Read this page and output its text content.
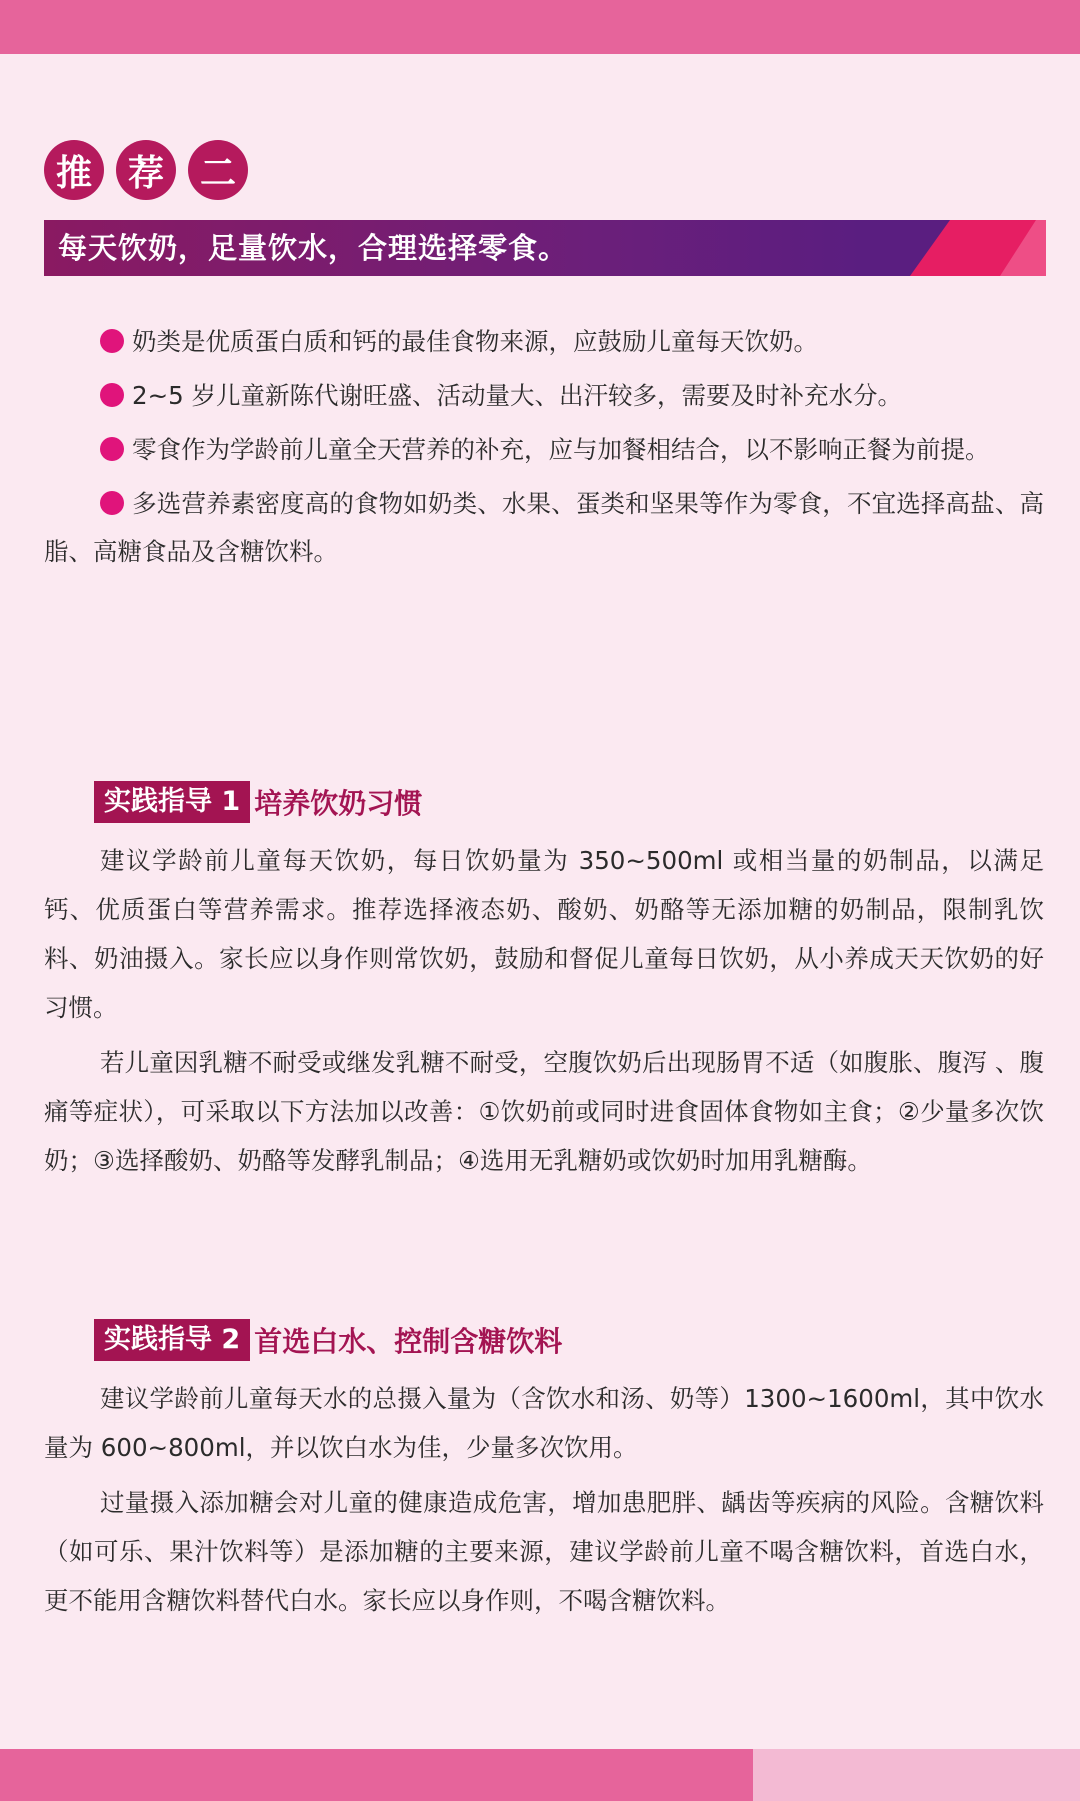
推 荐 二
每天饮奶，足量饮水，合理选择零食。

奶类是优质蛋白质和钙的最佳食物来源，应鼓励儿童每天饮奶。

2~5 岁儿童新陈代谢旺盛、活动量大、出汗较多，需要及时补充水分。

零食作为学龄前儿童全天营养的补充，应与加餐相结合，以不影响正餐为前提。

多选营养素密度高的食物如奶类、水果、蛋类和坚果等作为零食，不宜选择高盐、高脂、高糖食品及含糖饮料。

实践指导 1 培养饮奶习惯

建议学龄前儿童每天饮奶，每日饮奶量为 350~500ml 或相当量的奶制品，以满足钙、优质蛋白等营养需求。推荐选择液态奶、酸奶、奶酪等无添加糖的奶制品，限制乳饮料、奶油摄入。家长应以身作则常饮奶，鼓励和督促儿童每日饮奶，从小养成天天饮奶的好习惯。

若儿童因乳糖不耐受或继发乳糖不耐受，空腹饮奶后出现肠胃不适（如腹胀、腹泻 、腹痛等症状），可采取以下方法加以改善：①饮奶前或同时进食固体食物如主食；②少量多次饮奶；③选择酸奶、奶酪等发酵乳制品；④选用无乳糖奶或饮奶时加用乳糖酶。

实践指导 2 首选白水、控制含糖饮料

建议学龄前儿童每天水的总摄入量为（含饮水和汤、奶等）1300~1600ml，其中饮水量为 600~800ml，并以饮白水为佳，少量多次饮用。

过量摄入添加糖会对儿童的健康造成危害，增加患肥胖、龋齿等疾病的风险。含糖饮料（如可乐、果汁饮料等）是添加糖的主要来源，建议学龄前儿童不喝含糖饮料，首选白水，更不能用含糖饮料替代白水。家长应以身作则，不喝含糖饮料。
